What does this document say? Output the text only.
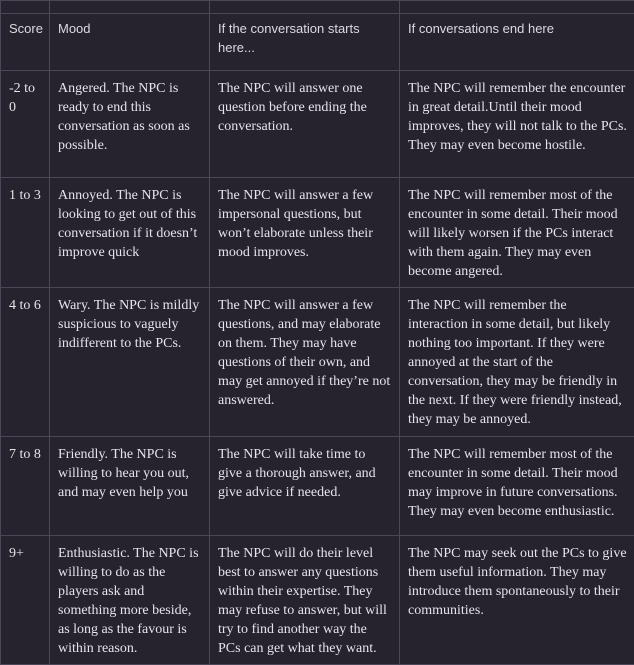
Score	Mood	If the conversation starts here...	If conversations end here
-2 to 0	Angered. The NPC is ready to end this conversation as soon as possible.	The NPC will answer one question before ending the conversation.	The NPC will remember the encounter in great detail.Until their mood improves, they will not talk to the PCs. They may even become hostile.
1 to 3	Annoyed. The NPC is looking to get out of this conversation if it doesn’t improve quick	The NPC will answer a few impersonal questions, but won’t elaborate unless their mood improves.	The NPC will remember most of the encounter in some detail. Their mood will likely worsen if the PCs interact with them again. They may even become angered.
4 to 6	Wary. The NPC is mildly suspicious to vaguely indifferent to the PCs.	The NPC will answer a few questions, and may elaborate on them. They may have questions of their own, and may get annoyed if they’re not answered.	The NPC will remember the interaction in some detail, but likely nothing too important. If they were annoyed at the start of the conversation, they may be friendly in the next. If they were friendly instead, they may be annoyed.
7 to 8	Friendly. The NPC is willing to hear you out, and may even help you	The NPC will take time to give a thorough answer, and give advice if needed.	The NPC will remember most of the encounter in some detail. Their mood may improve in future conversations. They may even become enthusiastic.
9+	Enthusiastic. The NPC is willing to do as the players ask and something more beside, as long as the favour is within reason.	The NPC will do their level best to answer any questions within their expertise. They may refuse to answer, but will try to find another way the PCs can get what they want.	The NPC may seek out the PCs to give them useful information. They may introduce them spontaneously to their communities.
